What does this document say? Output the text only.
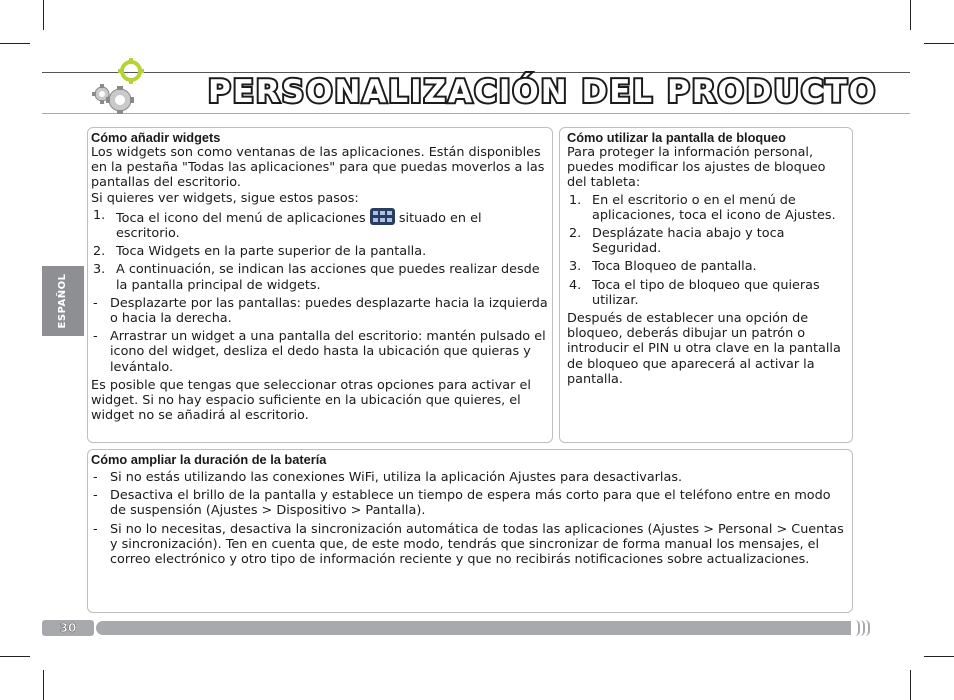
PERSONALIZACIÓN DEL PRODUCTO
ESPAÑOL
Cómo añadir widgets

Los widgets son como ventanas de las aplicaciones. Están disponibles en la pestaña "Todas las aplicaciones" para que puedas moverlos a las pantallas del escritorio.

Si quieres ver widgets, sigue estos pasos:

1. Toca el icono del menú de aplicaciones	situado en el escritorio.
2. Toca Widgets en la parte superior de la pantalla.
3. A continuación, se indican las acciones que puedes realizar desde la pantalla principal de widgets.
- Desplazarte por las pantallas: puedes desplazarte hacia la izquierda o hacia la derecha.
- Arrastrar un widget a una pantalla del escritorio: mantén pulsado el icono del widget, desliza el dedo hasta la ubicación que quieras y levántalo.

Es posible que tengas que seleccionar otras opciones para activar el widget. Si no hay espacio suficiente en la ubicación que quieres, el widget no se añadirá al escritorio.

Cómo utilizar la pantalla de bloqueo

Para proteger la información personal, puedes modificar los ajustes de bloqueo del tableta:

1. En el escritorio o en el menú de aplicaciones, toca el icono de Ajustes.
2. Desplázate hacia abajo y toca Seguridad.
3. Toca Bloqueo de pantalla.
4. Toca el tipo de bloqueo que quieras utilizar.

Después de establecer una opción de bloqueo, deberás dibujar un patrón o introducir el PIN u otra clave en la pantalla de bloqueo que aparecerá al activar la pantalla.

Cómo ampliar la duración de la batería
- Si no estás utilizando las conexiones WiFi, utiliza la aplicación Ajustes para desactivarlas.
- Desactiva el brillo de la pantalla y establece un tiempo de espera más corto para que el teléfono entre en modo de suspensión (Ajustes > Dispositivo > Pantalla).
- Si no lo necesitas, desactiva la sincronización automática de todas las aplicaciones (Ajustes > Personal > Cuentas y sincronización). Ten en cuenta que, de este modo, tendrás que sincronizar de forma manual los mensajes, el correo electrónico y otro tipo de información reciente y que no recibirás notificaciones sobre actualizaciones.
30
